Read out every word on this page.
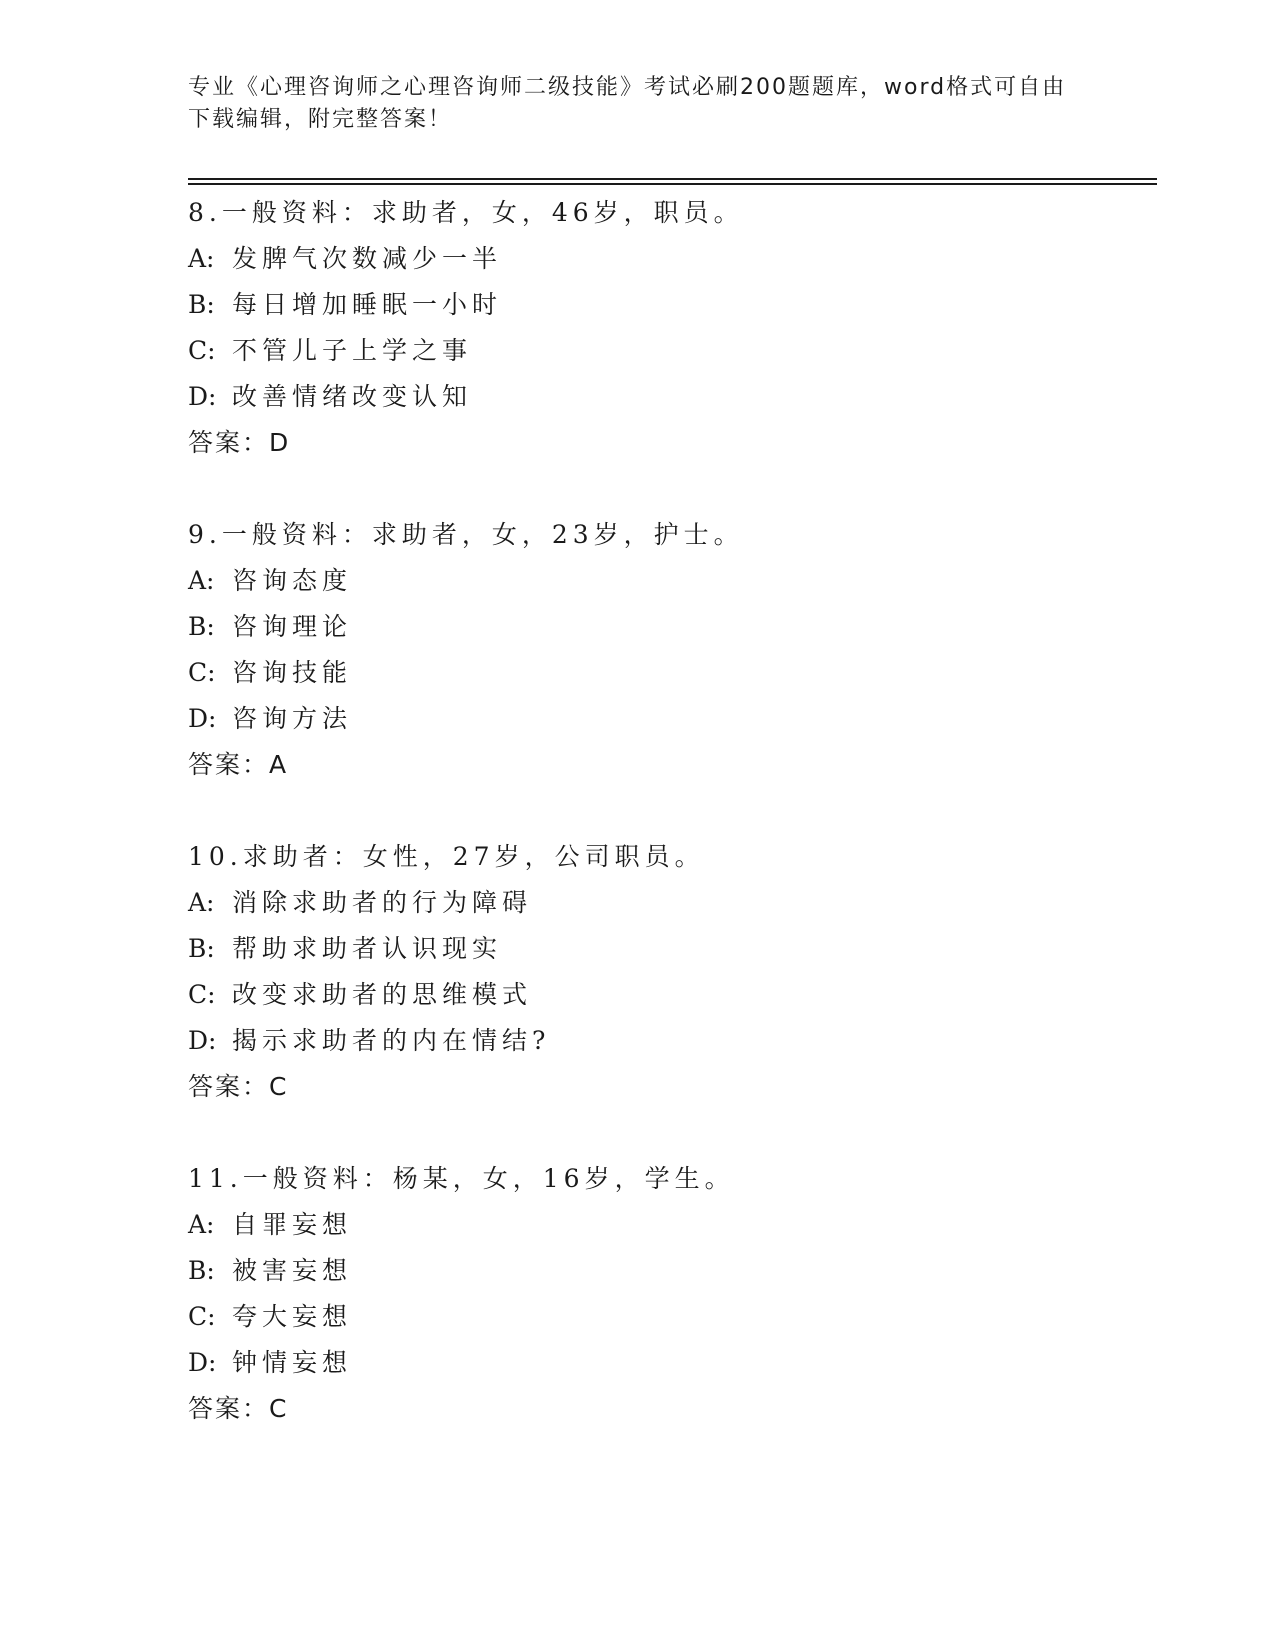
专业《心理咨询师之心理咨询师二级技能》考试必刷200题题库，word格式可自由下载编辑，附完整答案！
8.一般资料：求助者，女，46岁，职员。
A: 发脾气次数减少一半
B: 每日增加睡眠一小时
C: 不管儿子上学之事
D: 改善情绪改变认知
答案：D
9.一般资料：求助者，女，23岁，护士。
A: 咨询态度
B: 咨询理论
C: 咨询技能
D: 咨询方法
答案：A
10.求助者：女性，27岁，公司职员。
A: 消除求助者的行为障碍
B: 帮助求助者认识现实
C: 改变求助者的思维模式
D: 揭示求助者的内在情结?
答案：C
11.一般资料：杨某，女，16岁，学生。
A: 自罪妄想
B: 被害妄想
C: 夸大妄想
D: 钟情妄想
答案：C
